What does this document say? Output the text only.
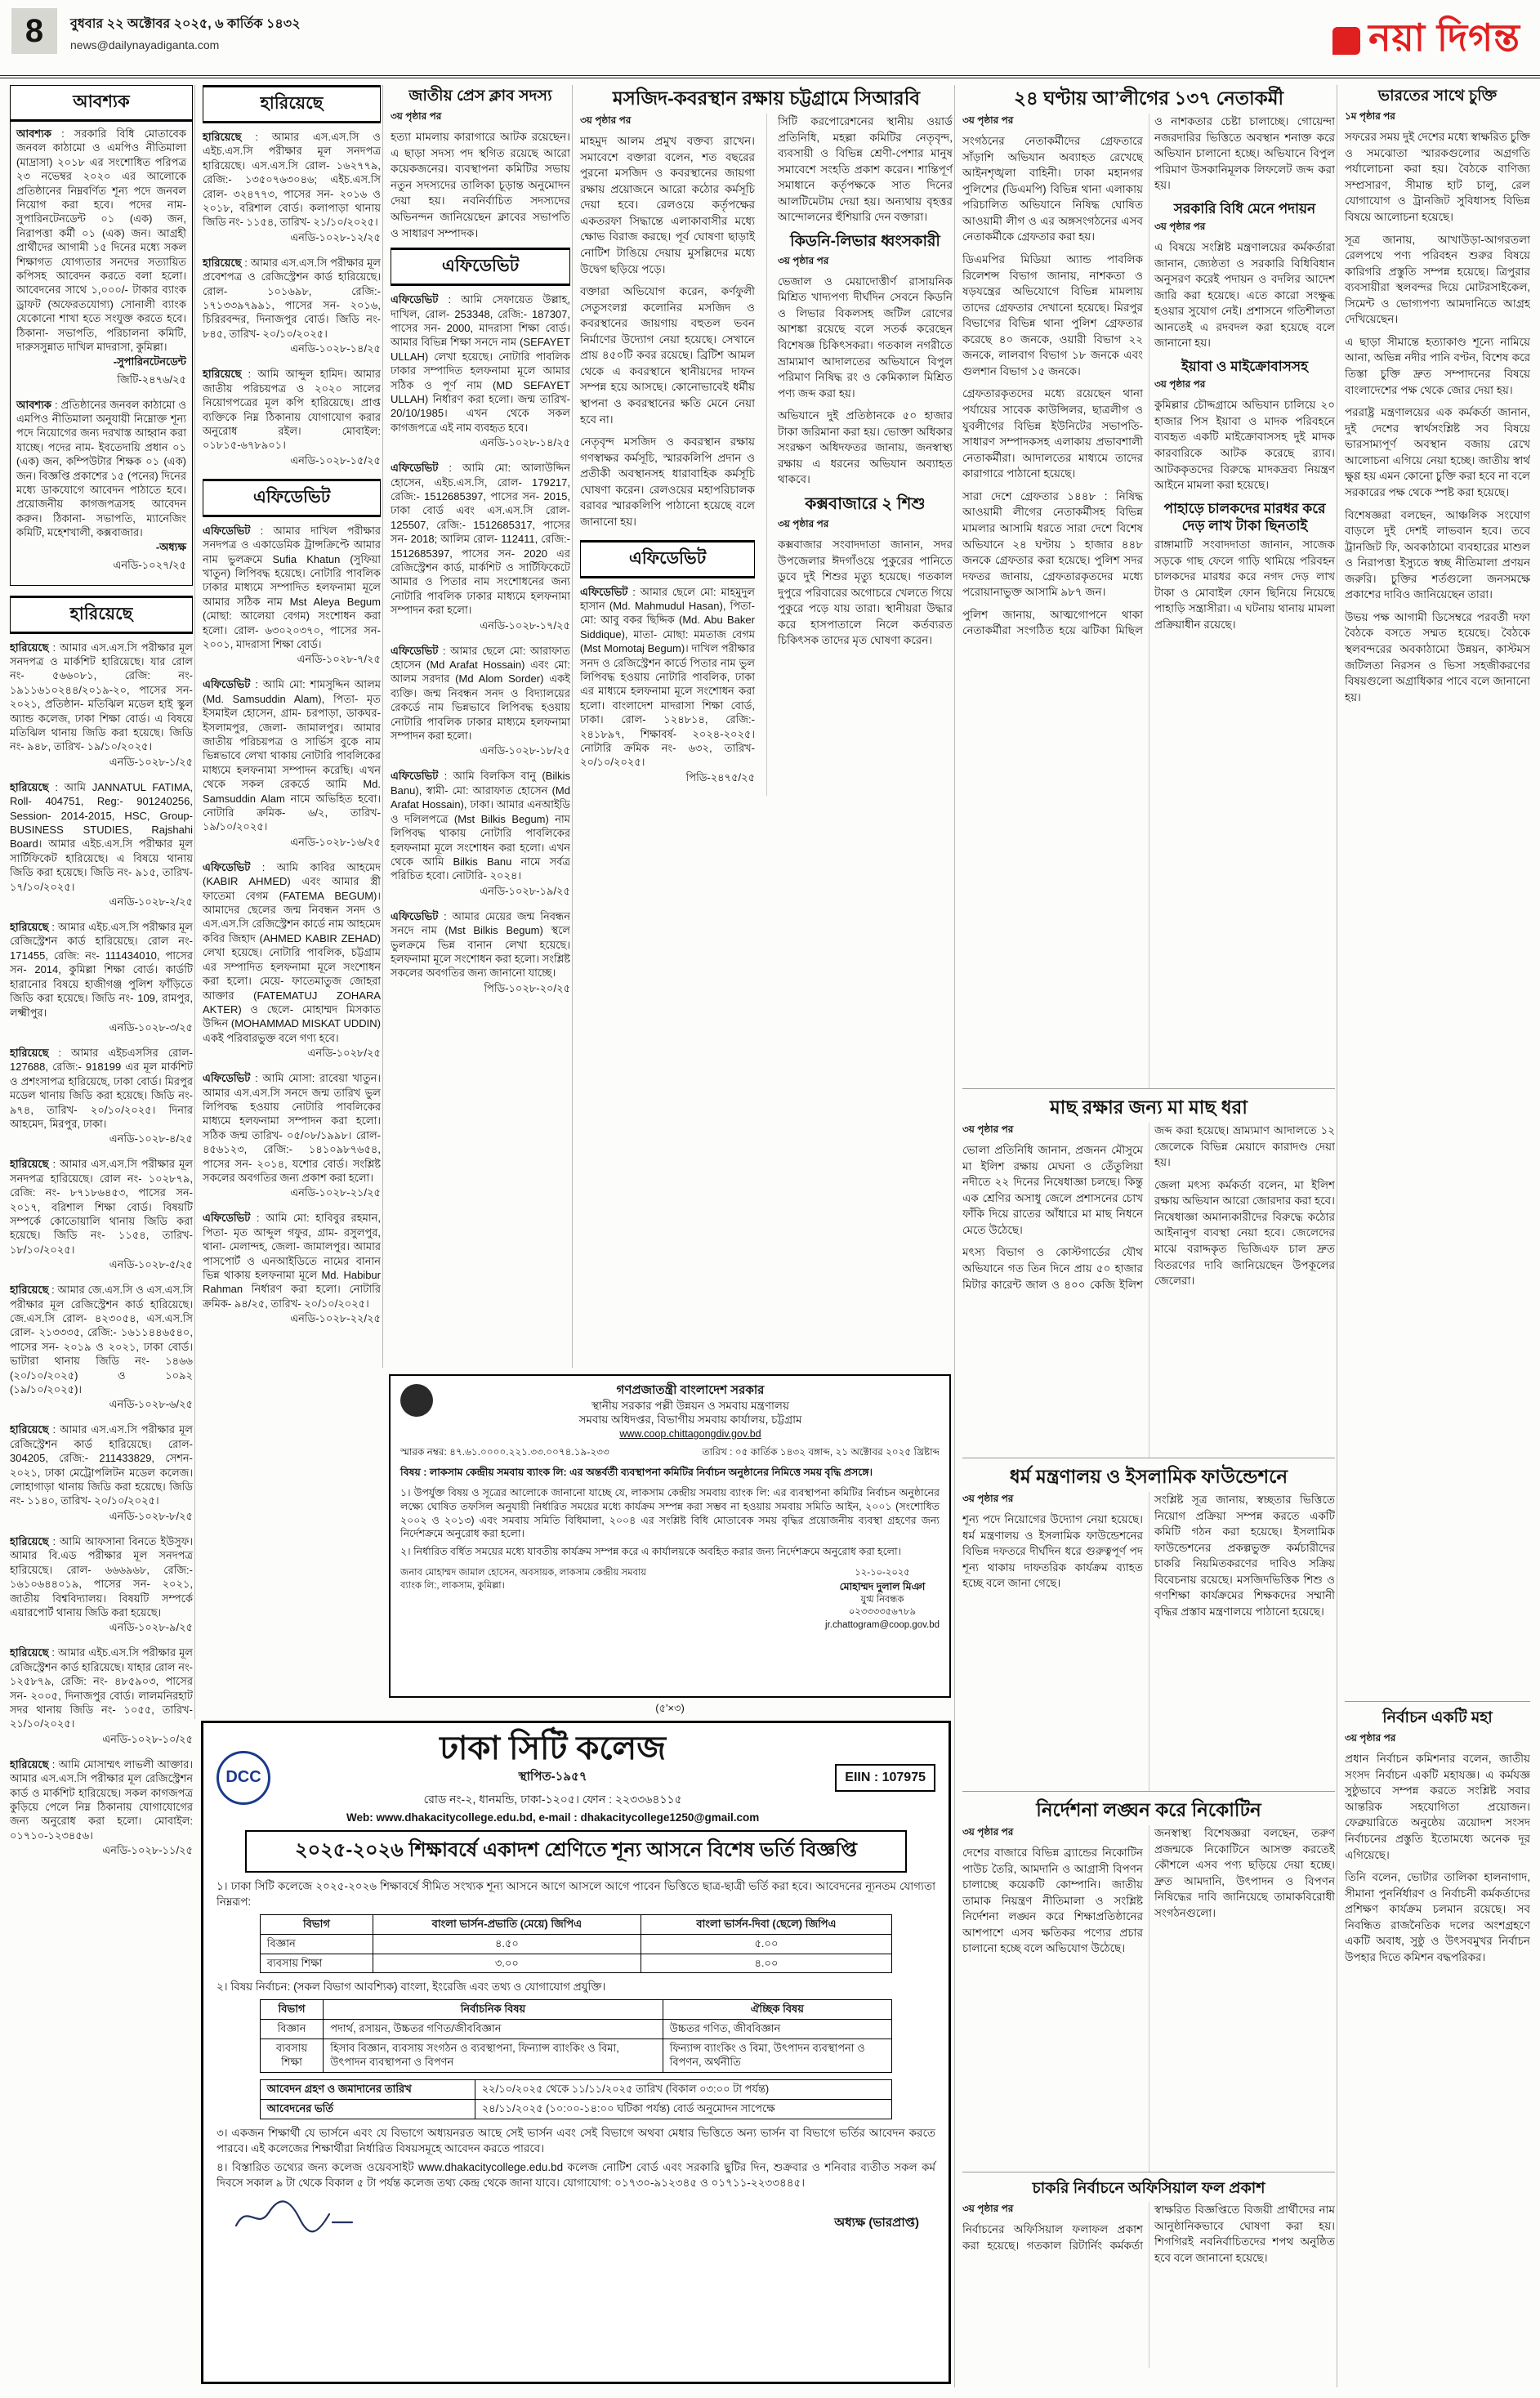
8 বুধবার ২২ অক্টোবর ২০২৫, ৬ কার্তিক ১৪৩২
news@dailynayadiganta.com	নয়া দিগন্ত
আবশ্যক

আবশ্যক : সরকারি বিধি মোতাবেক জনবল কাঠামো ও এমপিও নীতিমালা (মাদ্রাসা) ২০১৮ এর সংশোধিত পরিপত্র ২৩ নভেম্বর ২০২০ এর আলোকে প্রতিষ্ঠানের নিম্নবর্ণিত শূন্য পদে জনবল নিয়োগ করা হবে। পদের নাম- সুপারিনটেনডেন্ট ০১ (এক) জন, নিরাপত্তা কর্মী ০১ (এক) জন। আগ্রহী প্রার্থীদের আগামী ১৫ দিনের মধ্যে সকল শিক্ষাগত যোগ্যতার সনদের সত্যায়িত কপিসহ আবেদন করতে বলা হলো। আবেদনের সাথে ১,০০০/- টাকার ব্যাংক ড্রাফট (অফেরতযোগ্য) সোনালী ব্যাংক যেকোনো শাখা হতে সংযুক্ত করতে হবে। ঠিকানা- সভাপতি, পরিচালনা কমিটি, দারুসসুন্নাত দাখিল মাদরাসা, কুমিল্লা।

-সুপারিনটেনডেন্ট
জিটি-২৪৭৬/২৫

আবশ্যক : প্রতিষ্ঠানের জনবল কাঠামো ও এমপিও নীতিমালা অনুযায়ী নিম্নোক্ত শূন্য পদে নিয়োগের জন্য দরখাস্ত আহ্বান করা যাচ্ছে। পদের নাম- ইবতেদায়ি প্রধান ০১ (এক) জন, কম্পিউটার শিক্ষক ০১ (এক) জন। বিজ্ঞপ্তি প্রকাশের ১৫ (পনের) দিনের মধ্যে ডাকযোগে আবেদন পাঠাতে হবে। প্রয়োজনীয় কাগজপত্রসহ আবেদন করুন। ঠিকানা- সভাপতি, ম্যানেজিং কমিটি, মহেশখালী, কক্সবাজার।

-অধ্যক্ষ
এনডি-১০২৭/২৫
হারিয়েছে

হারিয়েছে : আমার এস.এস.সি পরীক্ষার মূল সনদপত্র ও মার্কশিট হারিয়েছে। যার রোল নং- ৫৬৬০৮১, রেজি: নং- ১৯১১৬১০২৪৪/২০১৯-২০, পাসের সন- ২০২১, প্রতিষ্ঠান- মতিঝিল মডেল হাই স্কুল অ্যান্ড কলেজ, ঢাকা শিক্ষা বোর্ড। এ বিষয়ে মতিঝিল থানায় জিডি করা হয়েছে। জিডি নং- ৯৪৮, তারিখ- ১৯/১০/২০২৫।

এনডি-১০২৮-১/২৫

হারিয়েছে : আমি JANNATUL FATIMA, Roll- 404751, Reg:- 901240256, Session- 2014-2015, HSC, Group- BUSINESS STUDIES, Rajshahi Board। আমার এইচ.এস.সি পরীক্ষার মূল সার্টিফিকেট হারিয়েছে। এ বিষয়ে থানায় জিডি করা হয়েছে। জিডি নং- ৯১৫, তারিখ- ১৭/১০/২০২৫।

এনডি-১০২৮-২/২৫

হারিয়েছে : আমার এইচ.এস.সি পরীক্ষার মূল রেজিস্ট্রেশন কার্ড হারিয়েছে। রোল নং- 171455, রেজি: নং- 111434010, পাসের সন- 2014, কুমিল্লা শিক্ষা বোর্ড। কার্ডটি হারানোর বিষয়ে হাজীগঞ্জ পুলিশ ফাঁড়িতে জিডি করা হয়েছে। জিডি নং- 109, রামপুর, লক্ষ্মীপুর।

এনডি-১০২৮-৩/২৫

হারিয়েছে : আমার এইচএসসির রোল- 127688, রেজি:- 918199 এর মূল মার্কশিট ও প্রশংসাপত্র হারিয়েছে, ঢাকা বোর্ড। মিরপুর মডেল থানায় জিডি করা হয়েছে। জিডি নং- ৯৭৪, তারিখ- ২০/১০/২০২৫। দিনার আহমেদ, মিরপুর, ঢাকা।

এনডি-১০২৮-৪/২৫

হারিয়েছে : আমার এস.এস.সি পরীক্ষার মূল সনদপত্র হারিয়েছে। রোল নং- ১০২৮৭৯, রেজি: নং- ৮৭১৮৬৪৫৩, পাসের সন- ২০১৭, বরিশাল শিক্ষা বোর্ড। বিষয়টি সম্পর্কে কোতোয়ালি থানায় জিডি করা হয়েছে। জিডি নং- ১১৫৪, তারিখ- ১৮/১০/২০২৫।

এনডি-১০২৮-৫/২৫

হারিয়েছে : আমার জে.এস.সি ও এস.এস.সি পরীক্ষার মূল রেজিস্ট্রেশন কার্ড হারিয়েছে। জে.এস.সি রোল- ৪২৩০৫৪, এস.এস.সি রোল- ২১৩৩৩৫, রেজি:- ১৬১১৪৪৬৫৪০, পাসের সন- ২০১৯ ও ২০২১, ঢাকা বোর্ড। ভাটারা থানায় জিডি নং- ১৪৬৬ (২০/১০/২০২৫) ও ১০৯২ (১৯/১০/২০২৫)।

এনডি-১০২৮-৬/২৫

হারিয়েছে : আমার এস.এস.সি পরীক্ষার মূল রেজিস্ট্রেশন কার্ড হারিয়েছে। রোল- 304205, রেজি:- 211433829, সেশন- ২০২১, ঢাকা মেট্রোপলিটন মডেল কলেজ। লোহাগাড়া থানায় জিডি করা হয়েছে। জিডি নং- ১১৪০, তারিখ- ২০/১০/২০২৫।

এনডি-১০২৮-৮/২৫

হারিয়েছে : আমি আফসানা বিনতে ইউসুফ। আমার বি.এড পরীক্ষার মূল সনদপত্র হারিয়েছে। রোল- ৬৬৬৯৬৮, রেজি:- ১৬১০৬৪৪০১৯, পাসের সন- ২০২১, জাতীয় বিশ্ববিদ্যালয়। বিষয়টি সম্পর্কে এয়ারপোর্ট থানায় জিডি করা হয়েছে।

এনডি-১০২৮-৯/২৫

হারিয়েছে : আমার এইচ.এস.সি পরীক্ষার মূল রেজিস্ট্রেশন কার্ড হারিয়েছে। যাহার রোল নং- ১২৫৮৭৯, রেজি: নং- ৪৮৫৯০৩, পাসের সন- ২০০৫, দিনাজপুর বোর্ড। লালমনিরহাট সদর থানায় জিডি নং- ১০৫৫, তারিখ- ২১/১০/২০২৫।

এনডি-১০২৮-১০/২৫

হারিয়েছে : আমি মোসাম্মৎ লাভলী আক্তার। আমার এস.এস.সি পরীক্ষার মূল রেজিস্ট্রেশন কার্ড ও মার্কশিট হারিয়েছে। সকল কাগজপত্র কুড়িয়ে পেলে নিম্ন ঠিকানায় যোগাযোগের জন্য অনুরোধ করা হলো। মোবাইল: ০১৭১০-১২৩৪৫৬।

এনডি-১০২৮-১১/২৫
হারিয়েছে

হারিয়েছে : আমার এস.এস.সি ও এইচ.এস.সি পরীক্ষার মূল সনদপত্র হারিয়েছে। এস.এস.সি রোল- ১৬২৭৭৯, রেজি:- ১৩৫০৭৬৩০৪৬; এইচ.এস.সি রোল- ৩২৪৭৭৩, পাসের সন- ২০১৬ ও ২০১৮, বরিশাল বোর্ড। কলাপাড়া থানায় জিডি নং- ১১৫৪, তারিখ- ২১/১০/২০২৫।

এনডি-১০২৮-১২/২৫

হারিয়েছে : আমার এস.এস.সি পরীক্ষার মূল প্রবেশপত্র ও রেজিস্ট্রেশন কার্ড হারিয়েছে। রোল- ১০১৬৯৮, রেজি:- ১৭১৩৩৯৭৯৯১, পাসের সন- ২০১৬, চিরিরবন্দর, দিনাজপুর বোর্ড। জিডি নং- ৮৪৫, তারিখ- ২০/১০/২০২৫।

এনডি-১০২৮-১৪/২৫

হারিয়েছে : আমি আব্দুল হামিদ। আমার জাতীয় পরিচয়পত্র ও ২০২০ সালের নিয়োগপত্রের মূল কপি হারিয়েছে। প্রাপ্ত ব্যক্তিকে নিম্ন ঠিকানায় যোগাযোগ করার অনুরোধ রইল। মোবাইল: ০১৮১৫-৬৭৮৯০১।

এনডি-১০২৮-১৫/২৫
এফিডেভিট

এফিডেভিট : আমার দাখিল পরীক্ষার সনদপত্র ও একাডেমিক ট্রান্সক্রিপ্টে আমার নাম ভুলক্রমে Sufia Khatun (সুফিয়া খাতুন) লিপিবদ্ধ হয়েছে। নোটারি পাবলিক ঢাকার মাধ্যমে সম্পাদিত হলফনামা মূলে আমার সঠিক নাম Mst Aleya Begum (মোছা: আলেয়া বেগম) সংশোধন করা হলো। রোল- ৬৩০২০৩৭০, পাসের সন- ২০০১, মাদরাসা শিক্ষা বোর্ড।

এনডি-১০২৮-৭/২৫

এফিডেভিট : আমি মো: শামসুদ্দিন আলম (Md. Samsuddin Alam), পিতা- মৃত ইসমাইল হোসেন, গ্রাম- চরপাড়া, ডাকঘর- ইসলামপুর, জেলা- জামালপুর। আমার জাতীয় পরিচয়পত্র ও সার্ভিস বুকে নাম ভিন্নভাবে লেখা থাকায় নোটারি পাবলিকের মাধ্যমে হলফনামা সম্পাদন করেছি। এখন থেকে সকল রেকর্ডে আমি Md. Samsuddin Alam নামে অভিহিত হবো। নোটারি ক্রমিক- ৬/২, তারিখ- ১৯/১০/২০২৫।

এনডি-১০২৮-১৬/২৫

এফিডেভিট : আমি কাবির আহমেদ (KABIR AHMED) এবং আমার স্ত্রী ফাতেমা বেগম (FATEMA BEGUM)। আমাদের ছেলের জন্ম নিবন্ধন সনদ ও এস.এস.সি রেজিস্ট্রেশন কার্ডে নাম আহমেদ কবির জিহাদ (AHMED KABIR ZEHAD) লেখা হয়েছে। নোটারি পাবলিক, চট্টগ্রাম এর সম্পাদিত হলফনামা মূলে সংশোধন করা হলো। মেয়ে- ফাতেমাতুজ জোহরা আক্তার (FATEMATUJ ZOHARA AKTER) ও ছেলে- মোহাম্মদ মিসকাত উদ্দিন (MOHAMMAD MISKAT UDDIN) একই পরিবারভুক্ত বলে গণ্য হবে।

এনডি-১০২৮/২৫

এফিডেভিট : আমি মোসা: রাবেয়া খাতুন। আমার এস.এস.সি সনদে জন্ম তারিখ ভুল লিপিবদ্ধ হওয়ায় নোটারি পাবলিকের মাধ্যমে হলফনামা সম্পাদন করা হলো। সঠিক জন্ম তারিখ- ০৫/০৮/১৯৯৮। রোল- ৪৫৬১২৩, রেজি:- ১৪১০৯৮৭৬৫৪, পাসের সন- ২০১৪, যশোর বোর্ড। সংশ্লিষ্ট সকলের অবগতির জন্য প্রকাশ করা হলো।

এনডি-১০২৮-২১/২৫

এফিডেভিট : আমি মো: হাবিবুর রহমান, পিতা- মৃত আব্দুল গফুর, গ্রাম- রসুলপুর, থানা- মেলান্দহ, জেলা- জামালপুর। আমার পাসপোর্ট ও এনআইডিতে নামের বানান ভিন্ন থাকায় হলফনামা মূলে Md. Habibur Rahman নির্ধারণ করা হলো। নোটারি ক্রমিক- ৯৪/২৫, তারিখ- ২০/১০/২০২৫।

এনডি-১০২৮-২২/২৫
জাতীয় প্রেস ক্লাব সদস্য
৩য় পৃষ্ঠার পর

হত্যা মামলায় কারাগারে আটক রয়েছেন। এ ছাড়া সদস্য পদ স্থগিত রয়েছে আরো কয়েকজনের। ব্যবস্থাপনা কমিটির সভায় নতুন সদস্যদের তালিকা চূড়ান্ত অনুমোদন দেয়া হয়। নবনির্বাচিত সদস্যদের অভিনন্দন জানিয়েছেন ক্লাবের সভাপতি ও সাধারণ সম্পাদক।

এফিডেভিট

এফিডেভিট : আমি সেফায়েত উল্লাহ, দাখিল, রোল- 253348, রেজি:- 187307, পাসের সন- 2000, মাদরাসা শিক্ষা বোর্ড। আমার বিভিন্ন শিক্ষা সনদে নাম (SEFAYET ULLAH) লেখা হয়েছে। নোটারি পাবলিক ঢাকার সম্পাদিত হলফনামা মূলে আমার সঠিক ও পূর্ণ নাম (MD SEFAYET ULLAH) নির্ধারণ করা হলো। জন্ম তারিখ- 20/10/1985। এখন থেকে সকল কাগজপত্রে এই নাম ব্যবহৃত হবে।

এনডি-১০২৮-১৪/২৫

এফিডেভিট : আমি মো: আলাউদ্দিন হোসেন, এইচ.এস.সি, রোল- 179217, রেজি:- 1512685397, পাসের সন- 2015, ঢাকা বোর্ড এবং এস.এস.সি রোল- 125507, রেজি:- 1512685317, পাসের সন- 2018; আলিম রোল- 112411, রেজি:- 1512685397, পাসের সন- 2020 এর রেজিস্ট্রেশন কার্ড, মার্কশিট ও সার্টিফিকেটে আমার ও পিতার নাম সংশোধনের জন্য নোটারি পাবলিক ঢাকার মাধ্যমে হলফনামা সম্পাদন করা হলো।

এনডি-১০২৮-১৭/২৫

এফিডেভিট : আমার ছেলে মো: আরাফাত হোসেন (Md Arafat Hossain) এবং মো: আলম সরদার (Md Alom Sorder) একই ব্যক্তি। জন্ম নিবন্ধন সনদ ও বিদ্যালয়ের রেকর্ডে নাম ভিন্নভাবে লিপিবদ্ধ হওয়ায় নোটারি পাবলিক ঢাকার মাধ্যমে হলফনামা সম্পাদন করা হলো।

এনডি-১০২৮-১৮/২৫

এফিডেভিট : আমি বিলকিস বানু (Bilkis Banu), স্বামী- মো: আরাফাত হোসেন (Md Arafat Hossain), ঢাকা। আমার এনআইডি ও দলিলপত্রে (Mst Bilkis Begum) নাম লিপিবদ্ধ থাকায় নোটারি পাবলিকের হলফনামা মূলে সংশোধন করা হলো। এখন থেকে আমি Bilkis Banu নামে সর্বত্র পরিচিত হবো। নোটারি- ২০২৪।

এনডি-১০২৮-১৯/২৫

এফিডেভিট : আমার মেয়ের জন্ম নিবন্ধন সনদে নাম (Mst Bilkis Begum) স্থলে ভুলক্রমে ভিন্ন বানান লেখা হয়েছে। হলফনামা মূলে সংশোধন করা হলো। সংশ্লিষ্ট সকলের অবগতির জন্য জানানো যাচ্ছে।

পিডি-১০২৮-২০/২৫
মসজিদ-কবরস্থান রক্ষায় চট্টগ্রামে সিআরবি
৩য় পৃষ্ঠার পর

মাহমুদ আলম প্রমুখ বক্তব্য রাখেন। সমাবেশে বক্তারা বলেন, শত বছরের পুরনো মসজিদ ও কবরস্থানের জায়গা রক্ষায় প্রয়োজনে আরো কঠোর কর্মসূচি দেয়া হবে। রেলওয়ে কর্তৃপক্ষের একতরফা সিদ্ধান্তে এলাকাবাসীর মধ্যে ক্ষোভ বিরাজ করছে। পূর্ব ঘোষণা ছাড়াই নোটিশ টাঙিয়ে দেয়ায় মুসল্লিদের মধ্যে উদ্বেগ ছড়িয়ে পড়ে।

বক্তারা অভিযোগ করেন, কর্ণফুলী সেতুসংলগ্ন কলোনির মসজিদ ও কবরস্থানের জায়গায় বহুতল ভবন নির্মাণের উদ্যোগ নেয়া হয়েছে। সেখানে প্রায় ৪৫০টি কবর রয়েছে। ব্রিটিশ আমল থেকে এ কবরস্থানে স্থানীয়দের দাফন সম্পন্ন হয়ে আসছে। কোনোভাবেই ধর্মীয় স্থাপনা ও কবরস্থানের ক্ষতি মেনে নেয়া হবে না।

নেতৃবৃন্দ মসজিদ ও কবরস্থান রক্ষায় গণস্বাক্ষর কর্মসূচি, স্মারকলিপি প্রদান ও প্রতীকী অবস্থানসহ ধারাবাহিক কর্মসূচি ঘোষণা করেন। রেলওয়ের মহাপরিচালক বরাবর স্মারকলিপি পাঠানো হয়েছে বলে জানানো হয়।

এফিডেভিট

এফিডেভিট : আমার ছেলে মো: মাহমুদুল হাসান (Md. Mahmudul Hasan), পিতা- মো: আবু বকর ছিদ্দিক (Md. Abu Baker Siddique), মাতা- মোছা: মমতাজ বেগম (Mst Momotaj Begum)। দাখিল পরীক্ষার সনদ ও রেজিস্ট্রেশন কার্ডে পিতার নাম ভুল লিপিবদ্ধ হওয়ায় নোটারি পাবলিক, ঢাকা এর মাধ্যমে হলফনামা মূলে সংশোধন করা হলো। বাংলাদেশ মাদরাসা শিক্ষা বোর্ড, ঢাকা। রোল- ১২৪৮১৪, রেজি:- ২৪১৮৯৭, শিক্ষাবর্ষ- ২০২৪-২০২৫। নোটারি ক্রমিক নং- ৬৩২, তারিখ- ২০/১০/২০২৫।

পিডি-২৪৭৫/২৫

সিটি করপোরেশনের স্থানীয় ওয়ার্ড প্রতিনিধি, মহল্লা কমিটির নেতৃবৃন্দ, ব্যবসায়ী ও বিভিন্ন শ্রেণী-পেশার মানুষ সমাবেশে সংহতি প্রকাশ করেন। শান্তিপূর্ণ সমাধানে কর্তৃপক্ষকে সাত দিনের আলটিমেটাম দেয়া হয়। অন্যথায় বৃহত্তর আন্দোলনের হুঁশিয়ারি দেন বক্তারা।

কিডনি-লিভার ধ্বংসকারী
৩য় পৃষ্ঠার পর

ভেজাল ও মেয়াদোত্তীর্ণ রাসায়নিক মিশ্রিত খাদ্যপণ্য দীর্ঘদিন সেবনে কিডনি ও লিভার বিকলসহ জটিল রোগের আশঙ্কা রয়েছে বলে সতর্ক করেছেন বিশেষজ্ঞ চিকিৎসকরা। গতকাল নগরীতে ভ্রাম্যমাণ আদালতের অভিযানে বিপুল পরিমাণ নিষিদ্ধ রং ও কেমিক্যাল মিশ্রিত পণ্য জব্দ করা হয়।

অভিযানে দুই প্রতিষ্ঠানকে ৫০ হাজার টাকা জরিমানা করা হয়। ভোক্তা অধিকার সংরক্ষণ অধিদফতর জানায়, জনস্বাস্থ্য রক্ষায় এ ধরনের অভিযান অব্যাহত থাকবে।

কক্সবাজারে ২ শিশু
৩য় পৃষ্ঠার পর

কক্সবাজার সংবাদদাতা জানান, সদর উপজেলার ঈদগাঁওয়ে পুকুরের পানিতে ডুবে দুই শিশুর মৃত্যু হয়েছে। গতকাল দুপুরে পরিবারের অগোচরে খেলতে গিয়ে পুকুরে পড়ে যায় তারা। স্থানীয়রা উদ্ধার করে হাসপাতালে নিলে কর্তব্যরত চিকিৎসক তাদের মৃত ঘোষণা করেন।

২৪ ঘণ্টায় আ’লীগের ১৩৭ নেতাকর্মী
৩য় পৃষ্ঠার পর

সংগঠনের নেতাকর্মীদের গ্রেফতারে সাঁড়াশি অভিযান অব্যাহত রেখেছে আইনশৃঙ্খলা বাহিনী। ঢাকা মহানগর পুলিশের (ডিএমপি) বিভিন্ন থানা এলাকায় পরিচালিত অভিযানে নিষিদ্ধ ঘোষিত আওয়ামী লীগ ও এর অঙ্গসংগঠনের এসব নেতাকর্মীকে গ্রেফতার করা হয়।

ডিএমপির মিডিয়া অ্যান্ড পাবলিক রিলেশন্স বিভাগ জানায়, নাশকতা ও ষড়যন্ত্রের অভিযোগে বিভিন্ন মামলায় তাদের গ্রেফতার দেখানো হয়েছে। মিরপুর বিভাগের বিভিন্ন থানা পুলিশ গ্রেফতার করেছে ৪০ জনকে, ওয়ারী বিভাগ ২২ জনকে, লালবাগ বিভাগ ১৮ জনকে এবং গুলশান বিভাগ ১৫ জনকে।

গ্রেফতারকৃতদের মধ্যে রয়েছেন থানা পর্যায়ের সাবেক কাউন্সিলর, ছাত্রলীগ ও যুবলীগের বিভিন্ন ইউনিটের সভাপতি-সাধারণ সম্পাদকসহ এলাকায় প্রভাবশালী নেতাকর্মীরা। আদালতের মাধ্যমে তাদের কারাগারে পাঠানো হয়েছে।

সারা দেশে গ্রেফতার ১৪৪৮ : নিষিদ্ধ আওয়ামী লীগের নেতাকর্মীসহ বিভিন্ন মামলার আসামি ধরতে সারা দেশে বিশেষ অভিযানে ২৪ ঘণ্টায় ১ হাজার ৪৪৮ জনকে গ্রেফতার করা হয়েছে। পুলিশ সদর দফতর জানায়, গ্রেফতারকৃতদের মধ্যে পরোয়ানাভুক্ত আসামি ৯৮৭ জন।

পুলিশ জানায়, আত্মগোপনে থাকা নেতাকর্মীরা সংগঠিত হয়ে ঝটিকা মিছিল ও নাশকতার চেষ্টা চালাচ্ছে। গোয়েন্দা নজরদারির ভিত্তিতে অবস্থান শনাক্ত করে অভিযান চালানো হচ্ছে। অভিযানে বিপুল পরিমাণ উসকানিমূলক লিফলেট জব্দ করা হয়।

সরকারি বিধি মেনে পদায়ন
৩য় পৃষ্ঠার পর

এ বিষয়ে সংশ্লিষ্ট মন্ত্রণালয়ের কর্মকর্তারা জানান, জ্যেষ্ঠতা ও সরকারি বিধিবিধান অনুসরণ করেই পদায়ন ও বদলির আদেশ জারি করা হয়েছে। এতে কারো সংক্ষুব্ধ হওয়ার সুযোগ নেই। প্রশাসনে গতিশীলতা আনতেই এ রদবদল করা হয়েছে বলে জানানো হয়।

ইয়াবা ও মাইক্রোবাসসহ
৩য় পৃষ্ঠার পর

কুমিল্লার চৌদ্দগ্রামে অভিযান চালিয়ে ২০ হাজার পিস ইয়াবা ও মাদক পরিবহনে ব্যবহৃত একটি মাইক্রোবাসসহ দুই মাদক কারবারিকে আটক করেছে র‍্যাব। আটককৃতদের বিরুদ্ধে মাদকদ্রব্য নিয়ন্ত্রণ আইনে মামলা করা হয়েছে।

পাহাড়ে চালকদের মারধর করে দেড় লাখ টাকা ছিনতাই

রাঙ্গামাটি সংবাদদাতা জানান, সাজেক সড়কে গাছ ফেলে গাড়ি থামিয়ে পরিবহন চালকদের মারধর করে নগদ দেড় লাখ টাকা ও মোবাইল ফোন ছিনিয়ে নিয়েছে পাহাড়ি সন্ত্রাসীরা। এ ঘটনায় থানায় মামলা প্রক্রিয়াধীন রয়েছে।

মাছ রক্ষার জন্য মা মাছ ধরা
৩য় পৃষ্ঠার পর

ভোলা প্রতিনিধি জানান, প্রজনন মৌসুমে মা ইলিশ রক্ষায় মেঘনা ও তেঁতুলিয়া নদীতে ২২ দিনের নিষেধাজ্ঞা চলছে। কিন্তু এক শ্রেণির অসাধু জেলে প্রশাসনের চোখ ফাঁকি দিয়ে রাতের আঁধারে মা মাছ নিধনে মেতে উঠেছে।

মৎস্য বিভাগ ও কোস্টগার্ডের যৌথ অভিযানে গত তিন দিনে প্রায় ৫০ হাজার মিটার কারেন্ট জাল ও ৪০০ কেজি ইলিশ জব্দ করা হয়েছে। ভ্রাম্যমাণ আদালতে ১২ জেলেকে বিভিন্ন মেয়াদে কারাদণ্ড দেয়া হয়।

জেলা মৎস্য কর্মকর্তা বলেন, মা ইলিশ রক্ষায় অভিযান আরো জোরদার করা হবে। নিষেধাজ্ঞা অমান্যকারীদের বিরুদ্ধে কঠোর আইনানুগ ব্যবস্থা নেয়া হবে। জেলেদের মাঝে বরাদ্দকৃত ভিজিএফ চাল দ্রুত বিতরণের দাবি জানিয়েছেন উপকূলের জেলেরা।

ধর্ম মন্ত্রণালয় ও ইসলামিক ফাউন্ডেশনে
৩য় পৃষ্ঠার পর

শূন্য পদে নিয়োগের উদ্যোগ নেয়া হয়েছে। ধর্ম মন্ত্রণালয় ও ইসলামিক ফাউন্ডেশনের বিভিন্ন দফতরে দীর্ঘদিন ধরে গুরুত্বপূর্ণ পদ শূন্য থাকায় দাফতরিক কার্যক্রম ব্যাহত হচ্ছে বলে জানা গেছে।

সংশ্লিষ্ট সূত্র জানায়, স্বচ্ছতার ভিত্তিতে নিয়োগ প্রক্রিয়া সম্পন্ন করতে একটি কমিটি গঠন করা হয়েছে। ইসলামিক ফাউন্ডেশনের প্রকল্পভুক্ত কর্মচারীদের চাকরি নিয়মিতকরণের দাবিও সক্রিয় বিবেচনায় রয়েছে। মসজিদভিত্তিক শিশু ও গণশিক্ষা কার্যক্রমের শিক্ষকদের সম্মানী বৃদ্ধির প্রস্তাব মন্ত্রণালয়ে পাঠানো হয়েছে।

নির্দেশনা লঙ্ঘন করে নিকোটিন
৩য় পৃষ্ঠার পর

দেশের বাজারে বিভিন্ন ব্র্যান্ডের নিকোটিন পাউচ তৈরি, আমদানি ও আগ্রাসী বিপণন চালাচ্ছে কয়েকটি কোম্পানি। জাতীয় তামাক নিয়ন্ত্রণ নীতিমালা ও সংশ্লিষ্ট নির্দেশনা লঙ্ঘন করে শিক্ষাপ্রতিষ্ঠানের আশপাশে এসব ক্ষতিকর পণ্যের প্রচার চালানো হচ্ছে বলে অভিযোগ উঠেছে।

জনস্বাস্থ্য বিশেষজ্ঞরা বলছেন, তরুণ প্রজন্মকে নিকোটিনে আসক্ত করতেই কৌশলে এসব পণ্য ছড়িয়ে দেয়া হচ্ছে। দ্রুত আমদানি, উৎপাদন ও বিপণন নিষিদ্ধের দাবি জানিয়েছে তামাকবিরোধী সংগঠনগুলো।

চাকরি নির্বাচনে অফিসিয়াল ফল প্রকাশ
৩য় পৃষ্ঠার পর

নির্বাচনের অফিসিয়াল ফলাফল প্রকাশ করা হয়েছে। গতকাল রিটার্নিং কর্মকর্তা স্বাক্ষরিত বিজ্ঞপ্তিতে বিজয়ী প্রার্থীদের নাম আনুষ্ঠানিকভাবে ঘোষণা করা হয়। শিগগিরই নবনির্বাচিতদের শপথ অনুষ্ঠিত হবে বলে জানানো হয়েছে।

ভারতের সাথে চুক্তি
১ম পৃষ্ঠার পর

সফরের সময় দুই দেশের মধ্যে স্বাক্ষরিত চুক্তি ও সমঝোতা স্মারকগুলোর অগ্রগতি পর্যালোচনা করা হয়। বৈঠকে বাণিজ্য সম্প্রসারণ, সীমান্ত হাট চালু, রেল যোগাযোগ ও ট্রানজিট সুবিধাসহ বিভিন্ন বিষয়ে আলোচনা হয়েছে।

সূত্র জানায়, আখাউড়া-আগরতলা রেলপথে পণ্য পরিবহন শুরুর বিষয়ে কারিগরি প্রস্তুতি সম্পন্ন হয়েছে। ত্রিপুরার ব্যবসায়ীরা স্থলবন্দর দিয়ে মোটরসাইকেল, সিমেন্ট ও ভোগ্যপণ্য আমদানিতে আগ্রহ দেখিয়েছেন।

এ ছাড়া সীমান্তে হত্যাকাণ্ড শূন্যে নামিয়ে আনা, অভিন্ন নদীর পানি বণ্টন, বিশেষ করে তিস্তা চুক্তি দ্রুত সম্পাদনের বিষয়ে বাংলাদেশের পক্ষ থেকে জোর দেয়া হয়।

পররাষ্ট্র মন্ত্রণালয়ের এক কর্মকর্তা জানান, দুই দেশের স্বার্থসংশ্লিষ্ট সব বিষয়ে ভারসাম্যপূর্ণ অবস্থান বজায় রেখে আলোচনা এগিয়ে নেয়া হচ্ছে। জাতীয় স্বার্থ ক্ষুণ্ণ হয় এমন কোনো চুক্তি করা হবে না বলে সরকারের পক্ষ থেকে স্পষ্ট করা হয়েছে।

বিশেষজ্ঞরা বলছেন, আঞ্চলিক সংযোগ বাড়লে দুই দেশই লাভবান হবে। তবে ট্রানজিট ফি, অবকাঠামো ব্যবহারের মাশুল ও নিরাপত্তা ইস্যুতে স্বচ্ছ নীতিমালা প্রণয়ন জরুরি। চুক্তির শর্তগুলো জনসমক্ষে প্রকাশের দাবিও জানিয়েছেন তারা।

উভয় পক্ষ আগামী ডিসেম্বরে পরবর্তী দফা বৈঠকে বসতে সম্মত হয়েছে। বৈঠকে স্থলবন্দরের অবকাঠামো উন্নয়ন, কাস্টমস জটিলতা নিরসন ও ভিসা সহজীকরণের বিষয়গুলো অগ্রাধিকার পাবে বলে জানানো হয়।

নির্বাচন একটি মহা
৩য় পৃষ্ঠার পর

প্রধান নির্বাচন কমিশনার বলেন, জাতীয় সংসদ নির্বাচন একটি মহাযজ্ঞ। এ কর্মযজ্ঞ সুষ্ঠুভাবে সম্পন্ন করতে সংশ্লিষ্ট সবার আন্তরিক সহযোগিতা প্রয়োজন। ফেব্রুয়ারিতে অনুষ্ঠেয় ত্রয়োদশ সংসদ নির্বাচনের প্রস্তুতি ইতোমধ্যে অনেক দূর এগিয়েছে।

তিনি বলেন, ভোটার তালিকা হালনাগাদ, সীমানা পুনর্নির্ধারণ ও নির্বাচনী কর্মকর্তাদের প্রশিক্ষণ কার্যক্রম চলমান রয়েছে। সব নিবন্ধিত রাজনৈতিক দলের অংশগ্রহণে একটি অবাধ, সুষ্ঠু ও উৎসবমুখর নির্বাচন উপহার দিতে কমিশন বদ্ধপরিকর।

গণপ্রজাতন্ত্রী বাংলাদেশ সরকার
স্থানীয় সরকার পল্লী উন্নয়ন ও সমবায় মন্ত্রণালয়
সমবায় অধিদপ্তর, বিভাগীয় সমবায় কার্যালয়, চট্টগ্রাম
www.coop.chittagongdiv.gov.bd
স্মারক নম্বর: ৪৭.৬১.০০০০.২২১.৩৩.০০৭৪.১৯-২৩৩	তারিখ : ০৫ কার্তিক ১৪৩২ বঙ্গাব্দ, ২১ অক্টোবর ২০২৫ খ্রিষ্টাব্দ
বিষয় : লাকসাম কেন্দ্রীয় সমবায় ব্যাংক লি: এর অন্তর্বর্তী ব্যবস্থাপনা কমিটির নির্বাচন অনুষ্ঠানের নিমিত্তে সময় বৃদ্ধি প্রসঙ্গে।

১। উপর্যুক্ত বিষয় ও সূত্রের আলোকে জানানো যাচ্ছে যে, লাকসাম কেন্দ্রীয় সমবায় ব্যাংক লি: এর ব্যবস্থাপনা কমিটির নির্বাচন অনুষ্ঠানের লক্ষ্যে ঘোষিত তফসিল অনুযায়ী নির্ধারিত সময়ের মধ্যে কার্যক্রম সম্পন্ন করা সম্ভব না হওয়ায় সমবায় সমিতি আইন, ২০০১ (সংশোধিত ২০০২ ও ২০১৩) এবং সমবায় সমিতি বিধিমালা, ২০০৪ এর সংশ্লিষ্ট বিধি মোতাবেক সময় বৃদ্ধির প্রয়োজনীয় ব্যবস্থা গ্রহণের জন্য নির্দেশক্রমে অনুরোধ করা হলো।

২। নির্ধারিত বর্ধিত সময়ের মধ্যে যাবতীয় কার্যক্রম সম্পন্ন করে এ কার্যালয়কে অবহিত করার জন্য নির্দেশক্রমে অনুরোধ করা হলো।

জনাব মোহাম্মদ জামাল হোসেন, অবসায়ক, লাকসাম কেন্দ্রীয় সমবায় ব্যাংক লি:, লাকসাম, কুমিল্লা।
১২-১০-২০২৫
মোহাম্মদ দুলাল মিঞা
যুগ্ম নিবন্ধক
০২৩৩৩৩৫৬৭৮৯
jr.chattogram@coop.gov.bd
(৫'×৩)
DCC
ঢাকা সিটি কলেজ
স্থাপিত-১৯৫৭
রোড নং-২, ধানমন্ডি, ঢাকা-১২০৫। ফোন : ২২৩৩৬৪১১৫
Web: www.dhakacitycollege.edu.bd, e-mail : dhakacitycollege1250@gmail.com
EIIN : 107975
২০২৫-২০২৬ শিক্ষাবর্ষে একাদশ শ্রেণিতে শূন্য আসনে বিশেষ ভর্তি বিজ্ঞপ্তি

১। ঢাকা সিটি কলেজে ২০২৫-২০২৬ শিক্ষাবর্ষে সীমিত সংখ্যক শূন্য আসনে আগে আসলে আগে পাবেন ভিত্তিতে ছাত্র-ছাত্রী ভর্তি করা হবে। আবেদনের ন্যূনতম যোগ্যতা নিম্নরূপ:

বিভাগ	বাংলা ভার্সন-প্রভাতি (মেয়ে) জিপিএ	বাংলা ভার্সন-দিবা (ছেলে) জিপিএ
বিজ্ঞান	৪.৫০	৫.০০
ব্যবসায় শিক্ষা	৩.০০	৪.০০

২। বিষয় নির্বাচন: (সকল বিভাগ আবশ্যিক) বাংলা, ইংরেজি এবং তথ্য ও যোগাযোগ প্রযুক্তি।

বিভাগ	নির্বাচনিক বিষয়	ঐচ্ছিক বিষয়
বিজ্ঞান	পদার্থ, রসায়ন, উচ্চতর গণিত/জীববিজ্ঞান	উচ্চতর গণিত, জীববিজ্ঞান
ব্যবসায় শিক্ষা	হিসাব বিজ্ঞান, ব্যবসায় সংগঠন ও ব্যবস্থাপনা, ফিন্যান্স ব্যাংকিং ও বিমা, উৎপাদন ব্যবস্থাপনা ও বিপণন	ফিন্যান্স ব্যাংকিং ও বিমা, উৎপাদন ব্যবস্থাপনা ও বিপণন, অর্থনীতি
আবেদন গ্রহণ ও জমাদানের তারিখ	২২/১০/২০২৫ থেকে ১১/১১/২০২৫ তারিখ (বিকাল ০৩:০০ টা পর্যন্ত)
আবেদনের ভর্তি	২৪/১১/২০২৫ (১০:০০-১৪:০০ ঘটিকা পর্যন্ত) বোর্ড অনুমোদন সাপেক্ষে

৩। একজন শিক্ষার্থী যে ভার্সনে এবং যে বিভাগে অধ্যয়নরত আছে সেই ভার্সন এবং সেই বিভাগে অথবা মেধার ভিত্তিতে অন্য ভার্সন বা বিভাগে ভর্তির আবেদন করতে পারবে। এই কলেজের শিক্ষার্থীরা নির্ধারিত বিষয়সমূহে আবেদন করতে পারবে।

৪। বিস্তারিত তথ্যের জন্য কলেজ ওয়েবসাইট www.dhakacitycollege.edu.bd কলেজ নোটিশ বোর্ড এবং সরকারি ছুটির দিন, শুক্রবার ও শনিবার ব্যতীত সকল কর্ম দিবসে সকাল ৯ টা থেকে বিকাল ৫ টা পর্যন্ত কলেজ তথ্য কেন্দ্র থেকে জানা যাবে। যোগাযোগ: ০১৭৩০-৯১২৩৪৫ ও ০১৭১১-২২৩৩৪৪৫।

অধ্যক্ষ (ভারপ্রাপ্ত)
